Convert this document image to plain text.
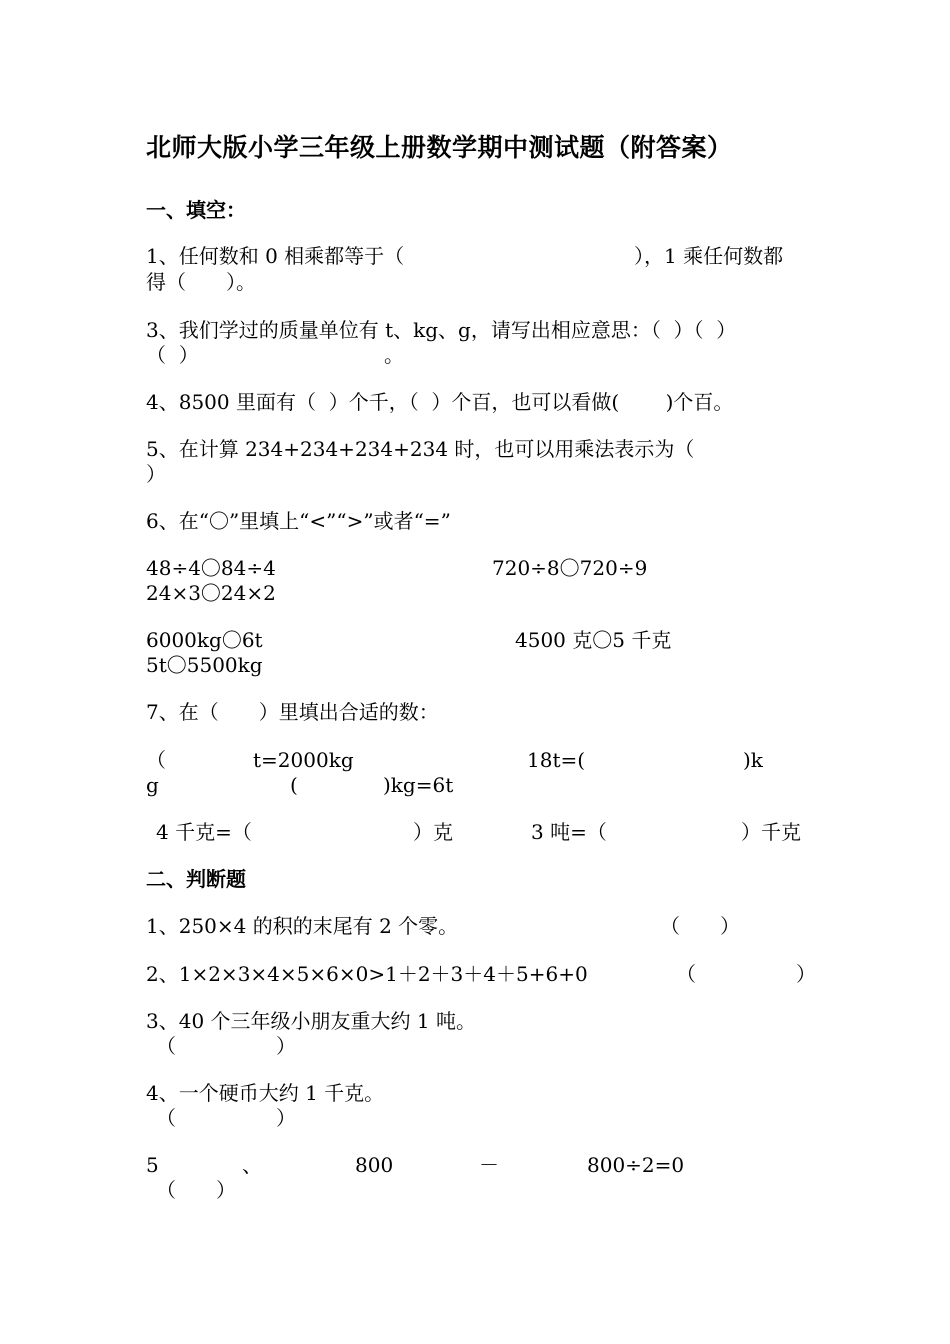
北师大版小学三年级上册数学期中测试题（附答案）
一、填空：
1、任何数和 0 相乘都等于（	），1 乘任何数都
得（　　）。
3、我们学过的质量单位有 t、kg、g，请写出相应意思：（  ）（  ）
（  ）	。
4、8500 里面有（  ）个千，（  ）个百，也可以看做(　　 )个百。
5、在计算 234+234+234+234 时，也可以用乘法表示为（
）
6、在“〇”里填上“<”“>”或者“=”
48÷4〇84÷4	720÷8〇720÷9
24×3〇24×2
6000kg〇6t	4500 克〇5 千克
5t〇5500kg
7、在（　　）里填出合适的数：
（	t=2000kg	18t=(	)k
g	(	)kg=6t
4 千克=（	）克	3 吨=（	）千克
二、判断题
1、250×4 的积的末尾有 2 个零。	（　　）
2、1×2×3×4×5×6×0>1＋2＋3＋4＋5+6+0	（　　　　　）
3、40 个三年级小朋友重大约 1 吨。
（　　　　　）
4、一个硬币大约 1 千克。
（　　　　　）
5	、	800	－	800÷2=0
（　　）
